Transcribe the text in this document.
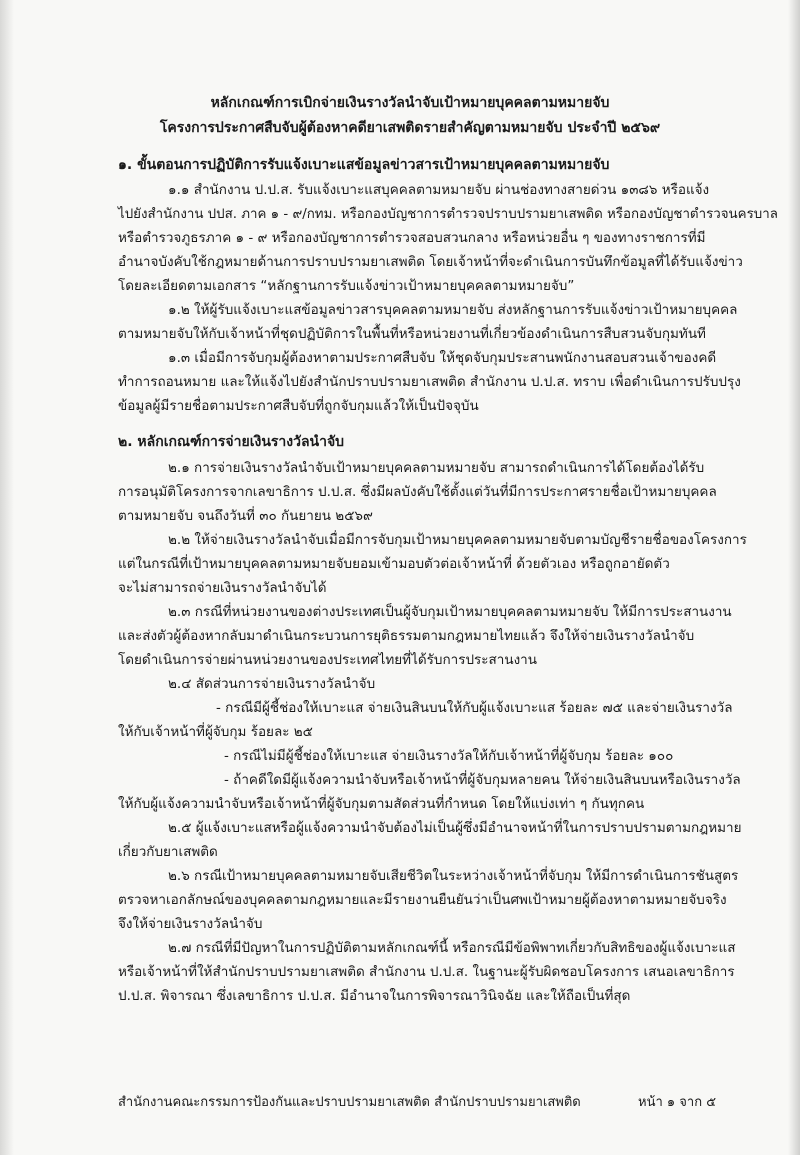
หลักเกณฑ์การเบิกจ่ายเงินรางวัลนำจับเป้าหมายบุคคลตามหมายจับ
โครงการประกาศสืบจับผู้ต้องหาคดียาเสพติดรายสำคัญตามหมายจับ ประจำปี ๒๕๖๙
๑. ขั้นตอนการปฏิบัติการรับแจ้งเบาะแสข้อมูลข่าวสารเป้าหมายบุคคลตามหมายจับ
๑.๑ สำนักงาน ป.ป.ส. รับแจ้งเบาะแสบุคคลตามหมายจับ ผ่านช่องทางสายด่วน ๑๓๘๖ หรือแจ้ง
ไปยังสำนักงาน ปปส. ภาค ๑ - ๙/กทม. หรือกองบัญชาการตำรวจปราบปรามยาเสพติด หรือกองบัญชาตำรวจนครบาล
หรือตำรวจภูธรภาค ๑ - ๙ หรือกองบัญชาการตำรวจสอบสวนกลาง หรือหน่วยอื่น ๆ ของทางราชการที่มี
อำนาจบังคับใช้กฎหมายด้านการปราบปรามยาเสพติด โดยเจ้าหน้าที่จะดำเนินการบันทึกข้อมูลที่ได้รับแจ้งข่าว
โดยละเอียดตามเอกสาร “หลักฐานการรับแจ้งข่าวเป้าหมายบุคคลตามหมายจับ”
๑.๒ ให้ผู้รับแจ้งเบาะแสข้อมูลข่าวสารบุคคลตามหมายจับ ส่งหลักฐานการรับแจ้งข่าวเป้าหมายบุคคล
ตามหมายจับให้กับเจ้าหน้าที่ชุดปฏิบัติการในพื้นที่หรือหน่วยงานที่เกี่ยวข้องดำเนินการสืบสวนจับกุมทันที
๑.๓ เมื่อมีการจับกุมผู้ต้องหาตามประกาศสืบจับ ให้ชุดจับกุมประสานพนักงานสอบสวนเจ้าของคดี
ทำการถอนหมาย และให้แจ้งไปยังสำนักปราบปรามยาเสพติด สำนักงาน ป.ป.ส. ทราบ เพื่อดำเนินการปรับปรุง
ข้อมูลผู้มีรายชื่อตามประกาศสืบจับที่ถูกจับกุมแล้วให้เป็นปัจจุบัน
๒. หลักเกณฑ์การจ่ายเงินรางวัลนำจับ
๒.๑ การจ่ายเงินรางวัลนำจับเป้าหมายบุคคลตามหมายจับ สามารถดำเนินการได้โดยต้องได้รับ
การอนุมัติโครงการจากเลขาธิการ ป.ป.ส. ซึ่งมีผลบังคับใช้ตั้งแต่วันที่มีการประกาศรายชื่อเป้าหมายบุคคล
ตามหมายจับ จนถึงวันที่ ๓๐ กันยายน ๒๕๖๙
๒.๒ ให้จ่ายเงินรางวัลนำจับเมื่อมีการจับกุมเป้าหมายบุคคลตามหมายจับตามบัญชีรายชื่อของโครงการ
แต่ในกรณีที่เป้าหมายบุคคลตามหมายจับยอมเข้ามอบตัวต่อเจ้าหน้าที่ ด้วยตัวเอง หรือถูกอายัดตัว
จะไม่สามารถจ่ายเงินรางวัลนำจับได้
๒.๓ กรณีที่หน่วยงานของต่างประเทศเป็นผู้จับกุมเป้าหมายบุคคลตามหมายจับ ให้มีการประสานงาน
และส่งตัวผู้ต้องหากลับมาดำเนินกระบวนการยุติธรรมตามกฎหมายไทยแล้ว จึงให้จ่ายเงินรางวัลนำจับ
โดยดำเนินการจ่ายผ่านหน่วยงานของประเทศไทยที่ได้รับการประสานงาน
๒.๔ สัดส่วนการจ่ายเงินรางวัลนำจับ
- กรณีมีผู้ชี้ช่องให้เบาะแส จ่ายเงินสินบนให้กับผู้แจ้งเบาะแส ร้อยละ ๗๕ และจ่ายเงินรางวัล
ให้กับเจ้าหน้าที่ผู้จับกุม ร้อยละ ๒๕
- กรณีไม่มีผู้ชี้ช่องให้เบาะแส จ่ายเงินรางวัลให้กับเจ้าหน้าที่ผู้จับกุม ร้อยละ ๑๐๐
- ถ้าคดีใดมีผู้แจ้งความนำจับหรือเจ้าหน้าที่ผู้จับกุมหลายคน ให้จ่ายเงินสินบนหรือเงินรางวัล
ให้กับผู้แจ้งความนำจับหรือเจ้าหน้าที่ผู้จับกุมตามสัดส่วนที่กำหนด โดยให้แบ่งเท่า ๆ กันทุกคน
๒.๕ ผู้แจ้งเบาะแสหรือผู้แจ้งความนำจับต้องไม่เป็นผู้ซึ่งมีอำนาจหน้าที่ในการปราบปรามตามกฎหมาย
เกี่ยวกับยาเสพติด
๒.๖ กรณีเป้าหมายบุคคลตามหมายจับเสียชีวิตในระหว่างเจ้าหน้าที่จับกุม ให้มีการดำเนินการชันสูตร
ตรวจหาเอกลักษณ์ของบุคคลตามกฎหมายและมีรายงานยืนยันว่าเป็นศพเป้าหมายผู้ต้องหาตามหมายจับจริง
จึงให้จ่ายเงินรางวัลนำจับ
๒.๗ กรณีที่มีปัญหาในการปฏิบัติตามหลักเกณฑ์นี้ หรือกรณีมีข้อพิพาทเกี่ยวกับสิทธิของผู้แจ้งเบาะแส
หรือเจ้าหน้าที่ให้สำนักปราบปรามยาเสพติด สำนักงาน ป.ป.ส. ในฐานะผู้รับผิดชอบโครงการ เสนอเลขาธิการ
ป.ป.ส. พิจารณา ซึ่งเลขาธิการ ป.ป.ส. มีอำนาจในการพิจารณาวินิจฉัย และให้ถือเป็นที่สุด
สำนักงานคณะกรรมการป้องกันและปราบปรามยาเสพติด สำนักปราบปรามยาเสพติด	หน้า ๑ จาก ๕
